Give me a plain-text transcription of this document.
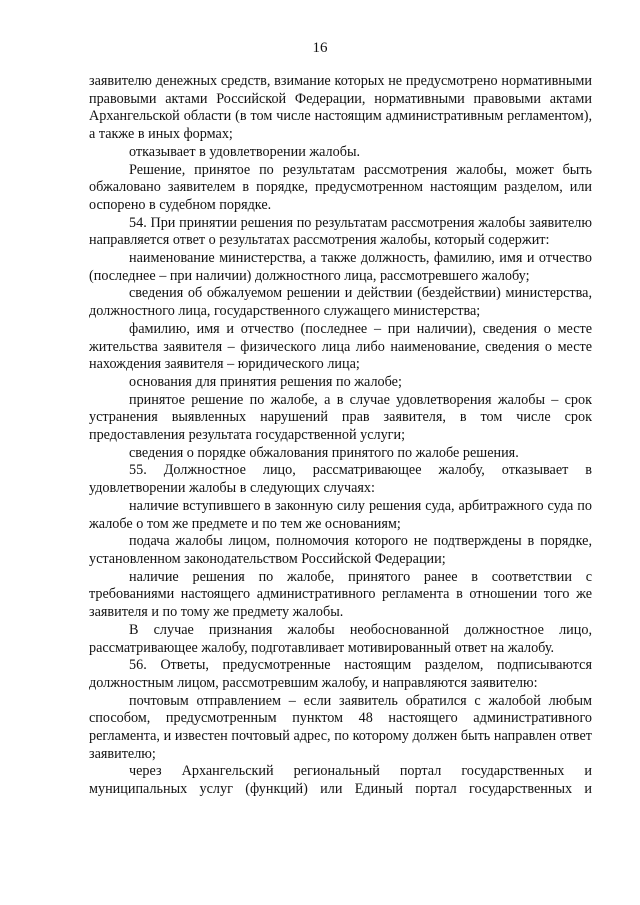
16

заявителю денежных средств, взимание которых не предусмотрено нормативными правовыми актами Российской Федерации, нормативными правовыми актами Архангельской области (в том числе настоящим административным регламентом), а также в иных формах;

отказывает в удовлетворении жалобы.

Решение, принятое по результатам рассмотрения жалобы, может быть обжаловано заявителем в порядке, предусмотренном настоящим разделом, или оспорено в судебном порядке.

54. При принятии решения по результатам рассмотрения жалобы заявителю направляется ответ о результатах рассмотрения жалобы, который содержит:

наименование министерства, а также должность, фамилию, имя и отчество (последнее – при наличии) должностного лица, рассмотревшего жалобу;

сведения об обжалуемом решении и действии (бездействии) министерства, должностного лица, государственного служащего министерства;

фамилию, имя и отчество (последнее – при наличии), сведения о месте жительства заявителя – физического лица либо наименование, сведения о месте нахождения заявителя – юридического лица;

основания для принятия решения по жалобе;

принятое решение по жалобе, а в случае удовлетворения жалобы – срок устранения выявленных нарушений прав заявителя, в том числе срок предоставления результата государственной услуги;

сведения о порядке обжалования принятого по жалобе решения.

55. Должностное лицо, рассматривающее жалобу, отказывает в удовлетворении жалобы в следующих случаях:

наличие вступившего в законную силу решения суда, арбитражного суда по жалобе о том же предмете и по тем же основаниям;

подача жалобы лицом, полномочия которого не подтверждены в порядке, установленном законодательством Российской Федерации;

наличие решения по жалобе, принятого ранее в соответствии с требованиями настоящего административного регламента в отношении того же заявителя и по тому же предмету жалобы.

В случае признания жалобы необоснованной должностное лицо, рассматривающее жалобу, подготавливает мотивированный ответ на жалобу.

56. Ответы, предусмотренные настоящим разделом, подписываются должностным лицом, рассмотревшим жалобу, и направляются заявителю:

почтовым отправлением – если заявитель обратился с жалобой любым способом, предусмотренным пунктом 48 настоящего административного регламента, и известен почтовый адрес, по которому должен быть направлен ответ заявителю;

через Архангельский региональный портал государственных и муниципальных услуг (функций) или Единый портал государственных и
